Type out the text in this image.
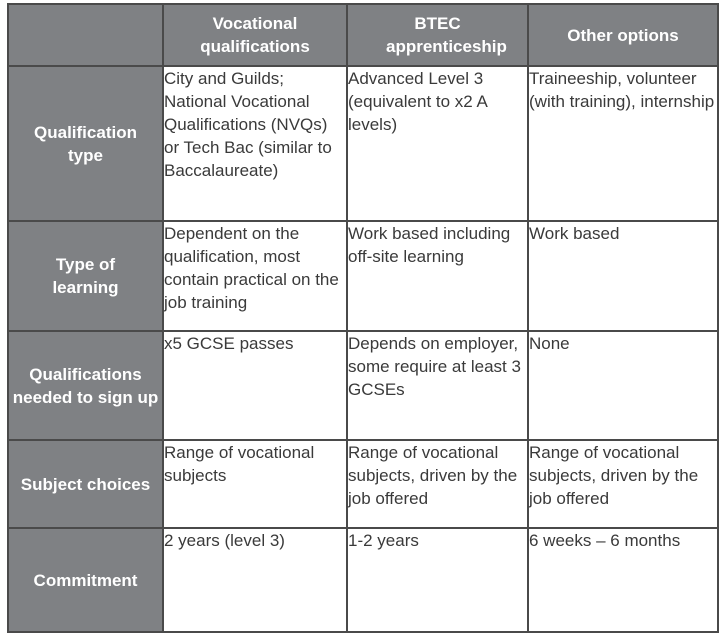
	Vocational qualifications	BTEC apprenticeship	Other options
Qualification type	City and Guilds; National Vocational Qualifications (NVQs) or Tech Bac (similar to Baccalaureate)	Advanced Level 3 (equivalent to x2 A levels)	Traineeship, volunteer (with training), internship
Type of learning	Dependent on the qualification, most contain practical on the job training	Work based including off-site learning	Work based
Qualifications needed to sign up	x5 GCSE passes	Depends on employer, some require at least 3 GCSEs	None
Subject choices	Range of vocational subjects	Range of vocational subjects, driven by the job offered	Range of vocational subjects, driven by the job offered
Commitment	2 years (level 3)	1-2 years	6 weeks – 6 months
